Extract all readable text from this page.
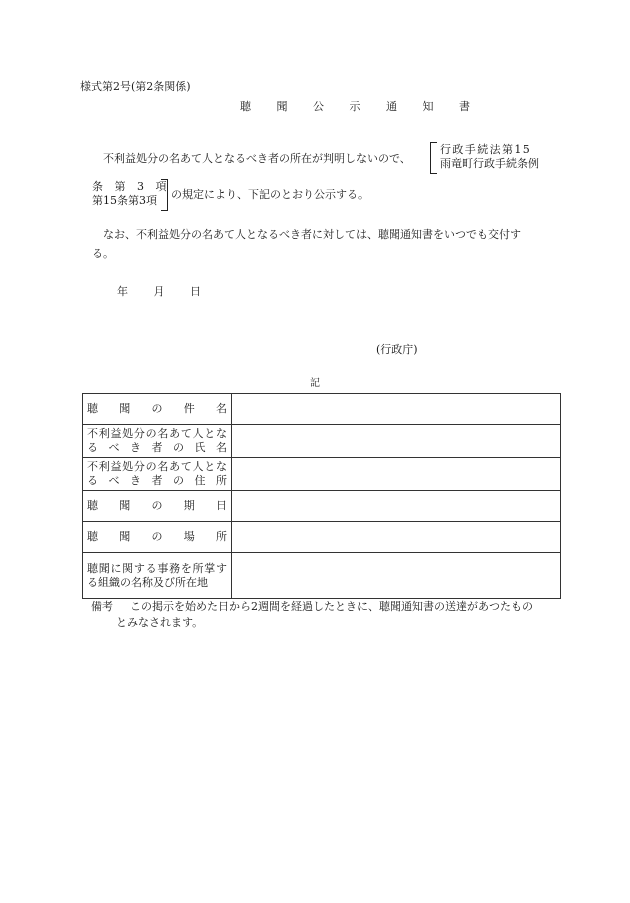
様式第2号(第2条関係)
聴 聞 公 示 通 知 書
不利益処分の名あて人となるべき者の所在が判明しないので、
行政手続法第15
雨竜町行政手続条例
条 第 3 項
第15条第3項 の規定により、下記のとおり公示する。
なお、不利益処分の名あて人となるべき者に対しては、聴聞通知書をいつでも交付す
る。
年 月 日
(行政庁)
記
聴 聞 の 件 名	
不利益処分の名あて人となるべき者の氏名	
不利益処分の名あて人となるべき者の住所	
聴 聞 の 期 日	
聴 聞 の 場 所	
聴聞に関する事務を所掌する組織の名称及び所在地	
備考 この掲示を始めた日から2週間を経過したときに、聴聞通知書の送達があつたもの
とみなされます。
